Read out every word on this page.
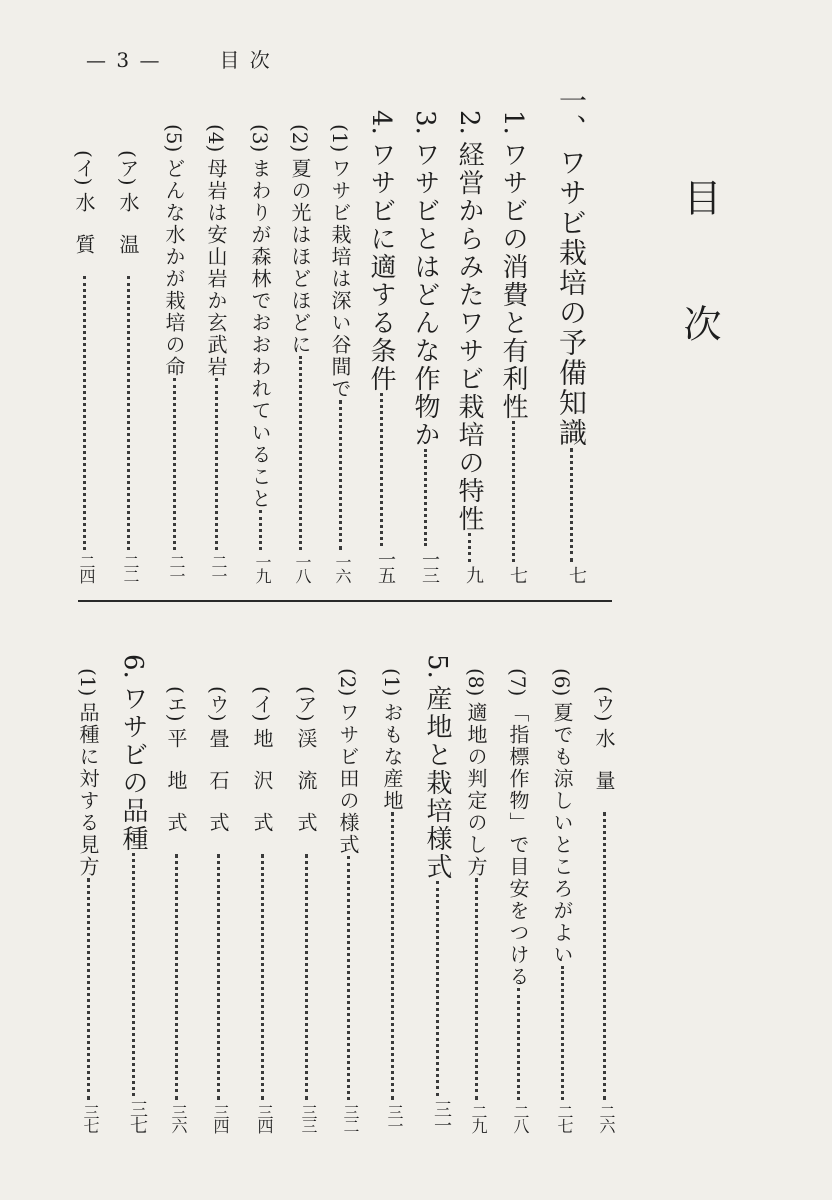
— 3 —	目 次
目次
一、
ワサビ栽培の予備知識
七
1.
ワサビの消費と有利性
七
2.
経営からみたワサビ栽培の特性
九
3.
ワサビとはどんな作物か
一三
4.
ワサビに適する条件
一五
(1)
ワサビ栽培は深い谷間で
一六
(2)
夏の光はほどほどに
一八
(3)
まわりが森林でおおわれていること
一九
(4)
母岩は安山岩か玄武岩
二一
(5)
どんな水かが栽培の命
二一
(ア)
水温
二二
(イ)
水質
二四
(ウ)
水量
二六
(6)
夏でも涼しいところがよい
二七
(7)
「指標作物」で目安をつける
二八
(8)
適地の判定のし方
二九
5.
産地と栽培様式
三一
(1)
おもな産地
三一
(2)
ワサビ田の様式
三二
(ア)
渓流式
三三
(イ)
地沢式
三四
(ウ)
畳石式
三四
(エ)
平地式
三六
6.
ワサビの品種
三七
(1)
品種に対する見方
三七
